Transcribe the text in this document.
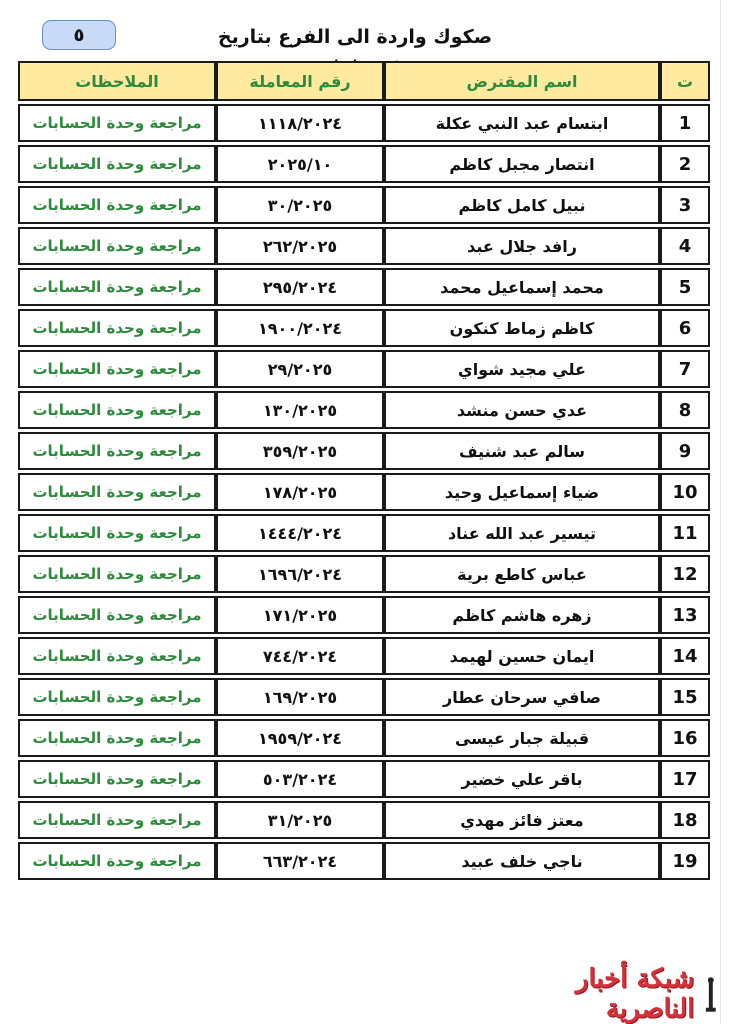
٥	صكوك واردة الى الفرع بتاريخ
ت	اسم المقترض	رقم المعاملة	الملاحظات
1	ابتسام عبد النبي عكلة	١١١٨/٢٠٢٤	مراجعة وحدة الحسابات
2	انتصار مجبل كاظم	٢٠٢٥/١٠	مراجعة وحدة الحسابات
3	نبيل كامل كاظم	٣٠/٢٠٢٥	مراجعة وحدة الحسابات
4	رافد جلال عبد	٢٦٢/٢٠٢٥	مراجعة وحدة الحسابات
5	محمد إسماعيل محمد	٢٩٥/٢٠٢٤	مراجعة وحدة الحسابات
6	كاظم زماط كنكون	١٩٠٠/٢٠٢٤	مراجعة وحدة الحسابات
7	علي مجيد شواي	٢٩/٢٠٢٥	مراجعة وحدة الحسابات
8	عدي حسن منشد	١٣٠/٢٠٢٥	مراجعة وحدة الحسابات
9	سالم عبد شنيف	٣٥٩/٢٠٢٥	مراجعة وحدة الحسابات
10	ضياء إسماعيل وحيد	١٧٨/٢٠٢٥	مراجعة وحدة الحسابات
11	تيسير عبد الله عناد	١٤٤٤/٢٠٢٤	مراجعة وحدة الحسابات
12	عباس كاطع برية	١٦٩٦/٢٠٢٤	مراجعة وحدة الحسابات
13	زهره هاشم كاظم	١٧١/٢٠٢٥	مراجعة وحدة الحسابات
14	ايمان حسين لهيمد	٧٤٤/٢٠٢٤	مراجعة وحدة الحسابات
15	صافي سرحان عطار	١٦٩/٢٠٢٥	مراجعة وحدة الحسابات
16	قبيلة جبار عيسى	١٩٥٩/٢٠٢٤	مراجعة وحدة الحسابات
17	باقر علي خضير	٥٠٣/٢٠٢٤	مراجعة وحدة الحسابات
18	معتز فائز مهدي	٣١/٢٠٢٥	مراجعة وحدة الحسابات
19	ناجي خلف عبيد	٦٦٣/٢٠٢٤	مراجعة وحدة الحسابات
شبكة أخبار الناصرية
